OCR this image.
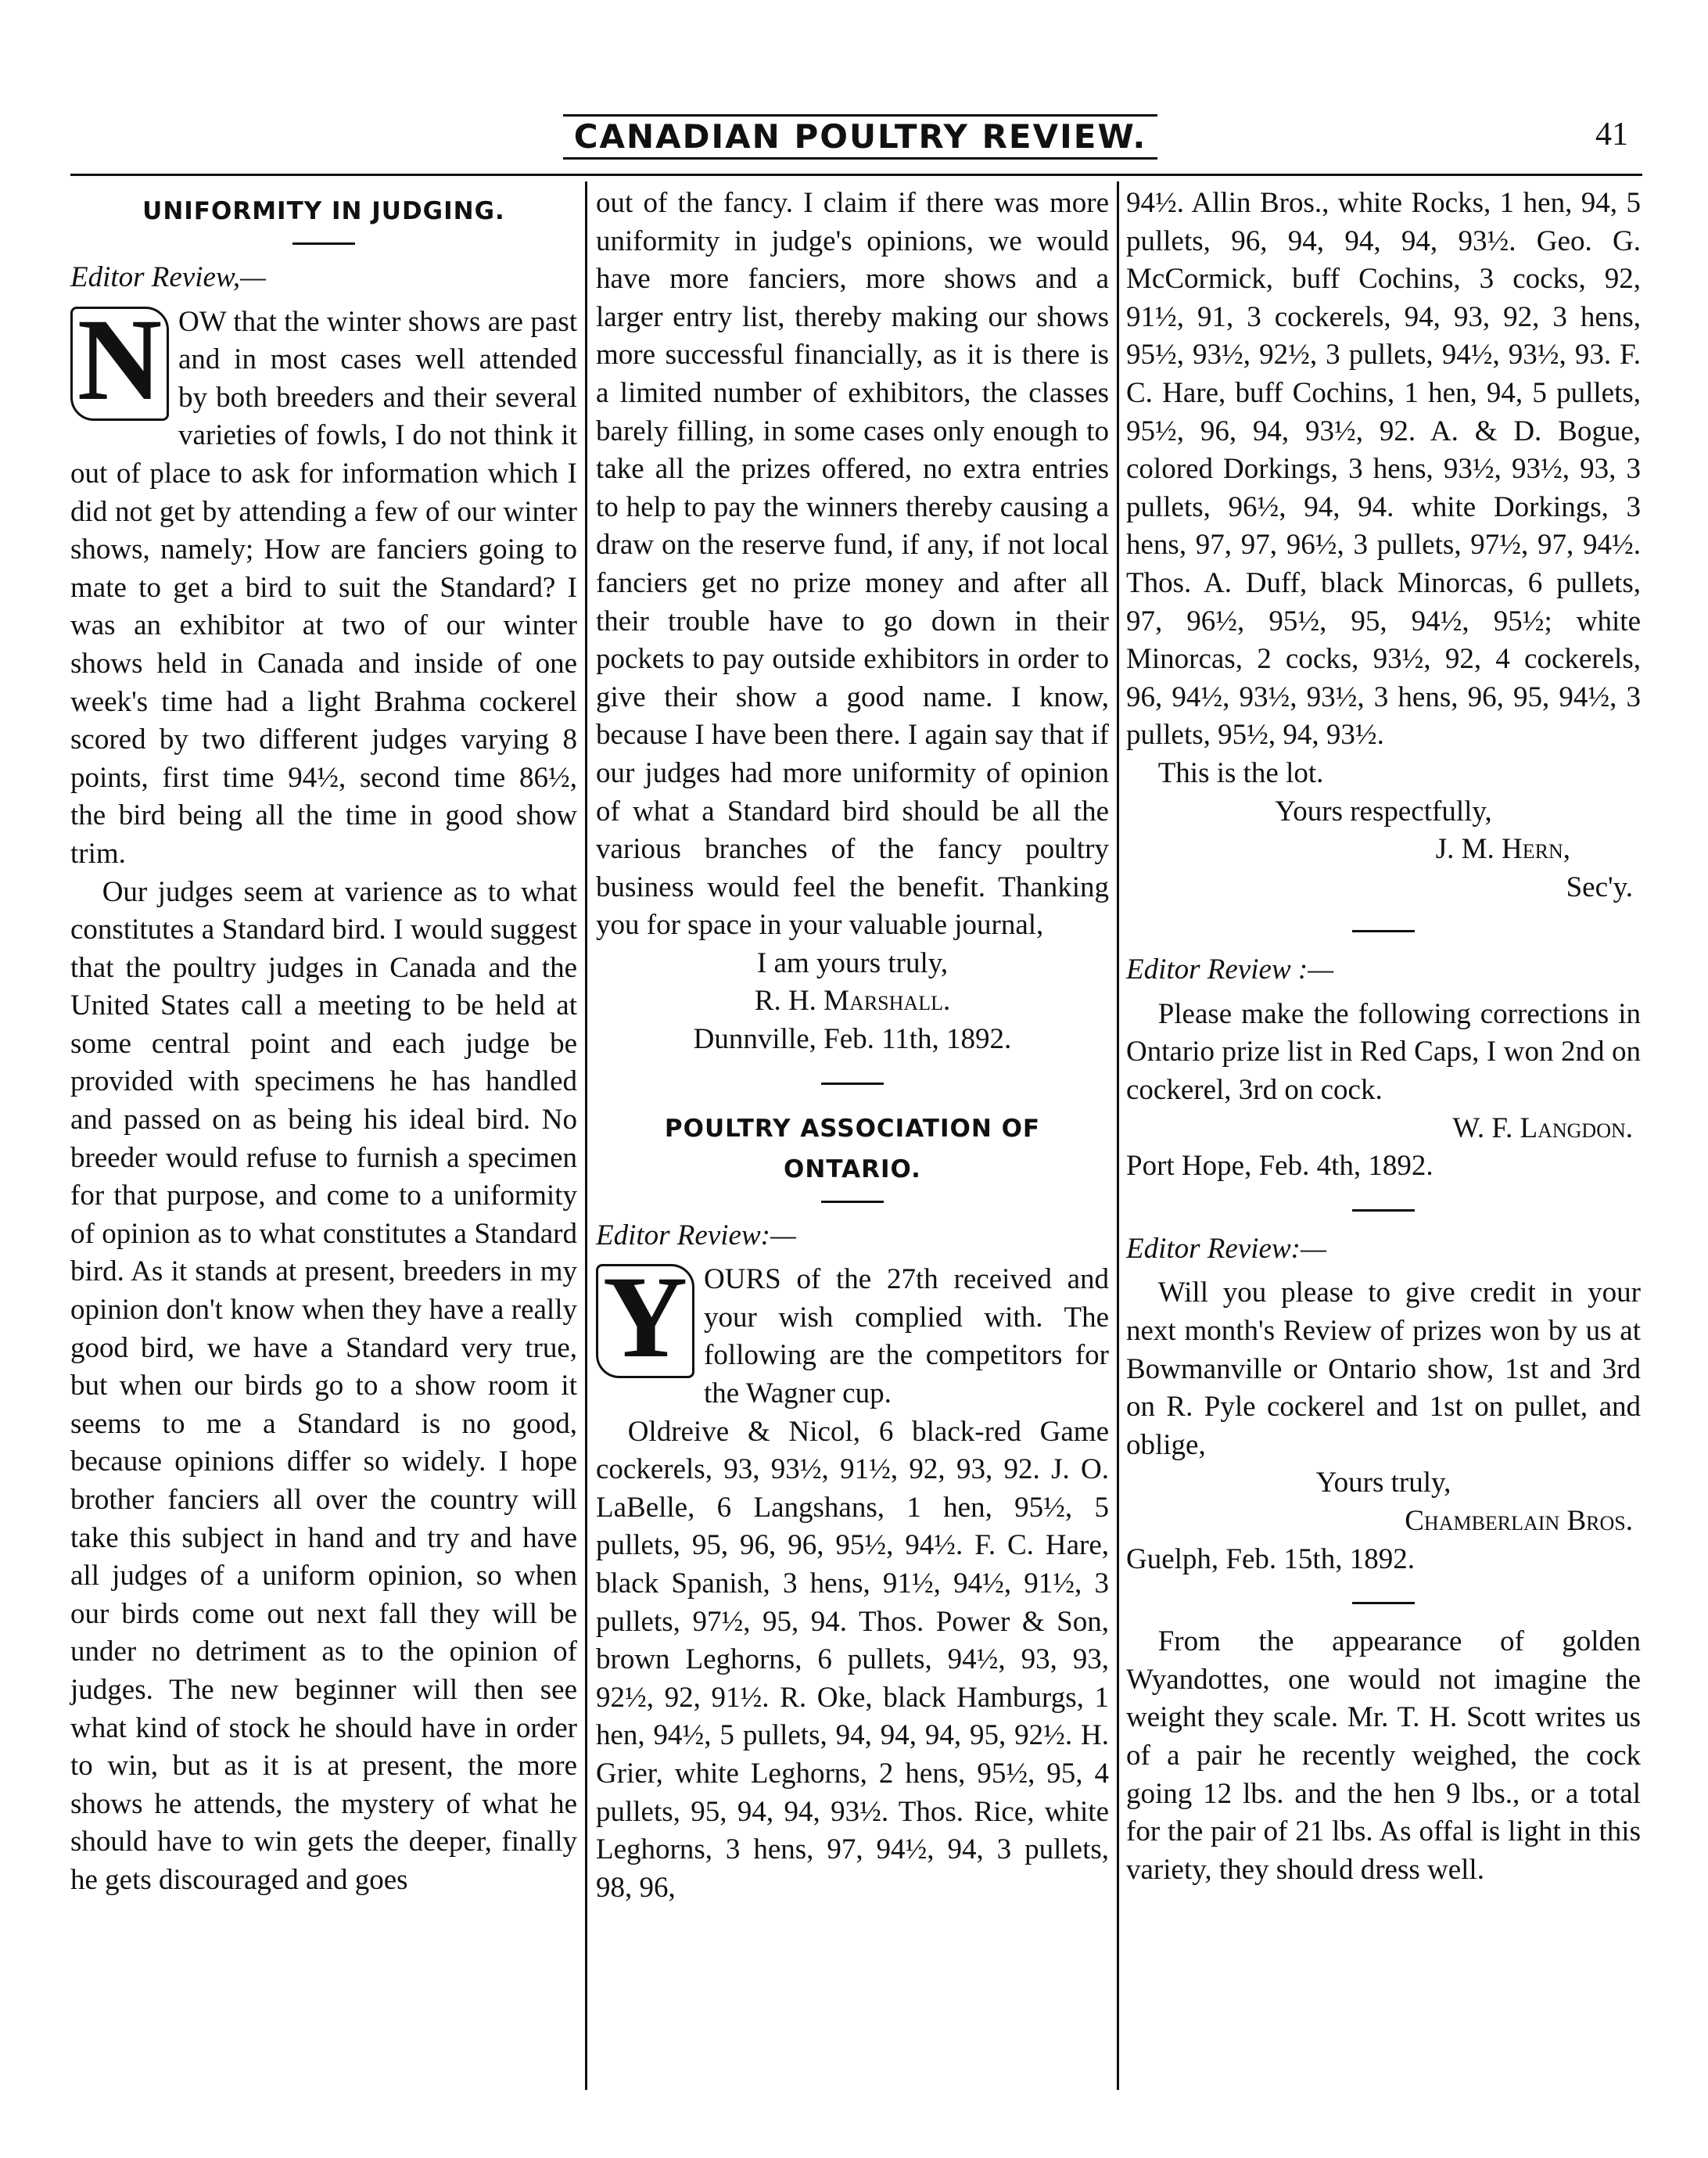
CANADIAN POULTRY REVIEW.	41
UNIFORMITY IN JUDGING.
Editor Review,—

N OW that the winter shows are past and in most cases well attended by both breeders and their several varieties of fowls, I do not think it out of place to ask for information which I did not get by attending a few of our winter shows, namely; How are fanciers going to mate to get a bird to suit the Standard? I was an exhibitor at two of our winter shows held in Canada and inside of one week's time had a light Brahma cockerel scored by two different judges varying 8 points, first time 94½, second time 86½, the bird being all the time in good show trim.

Our judges seem at varience as to what constitutes a Standard bird. I would suggest that the poultry judges in Canada and the United States call a meeting to be held at some central point and each judge be provided with specimens he has handled and passed on as being his ideal bird. No breeder would refuse to furnish a specimen for that purpose, and come to a uniformity of opinion as to what constitutes a Standard bird. As it stands at present, breeders in my opinion don't know when they have a really good bird, we have a Standard very true, but when our birds go to a show room it seems to me a Standard is no good, because opinions differ so widely. I hope brother fanciers all over the country will take this subject in hand and try and have all judges of a uniform opinion, so when our birds come out next fall they will be under no detriment as to the opinion of judges. The new beginner will then see what kind of stock he should have in order to win, but as it is at present, the more shows he attends, the mystery of what he should have to win gets the deeper, finally he gets discouraged and goes

out of the fancy. I claim if there was more uniformity in judge's opinions, we would have more fanciers, more shows and a larger entry list, thereby making our shows more successful financially, as it is there is a limited number of exhibitors, the classes barely filling, in some cases only enough to take all the prizes offered, no extra entries to help to pay the winners thereby causing a draw on the reserve fund, if any, if not local fanciers get no prize money and after all their trouble have to go down in their pockets to pay outside exhibitors in order to give their show a good name. I know, because I have been there. I again say that if our judges had more uniformity of opinion of what a Standard bird should be all the various branches of the fancy poultry business would feel the benefit. Thanking you for space in your valuable journal,

I am yours truly,
R. H. Marshall.
Dunnville, Feb. 11th, 1892.
POULTRY ASSOCIATION OF ONTARIO.
Editor Review:—

Y OURS of the 27th received and your wish complied with. The following are the competitors for the Wagner cup.

Oldreive & Nicol, 6 black-red Game cockerels, 93, 93½, 91½, 92, 93, 92. J. O. LaBelle, 6 Langshans, 1 hen, 95½, 5 pullets, 95, 96, 96, 95½, 94½. F. C. Hare, black Spanish, 3 hens, 91½, 94½, 91½, 3 pullets, 97½, 95, 94. Thos. Power & Son, brown Leghorns, 6 pullets, 94½, 93, 93, 92½, 92, 91½. R. Oke, black Hamburgs, 1 hen, 94½, 5 pullets, 94, 94, 94, 95, 92½. H. Grier, white Leghorns, 2 hens, 95½, 95, 4 pullets, 95, 94, 94, 93½. Thos. Rice, white Leghorns, 3 hens, 97, 94½, 94, 3 pullets, 98, 96,

94½. Allin Bros., white Rocks, 1 hen, 94, 5 pullets, 96, 94, 94, 94, 93½. Geo. G. McCormick, buff Cochins, 3 cocks, 92, 91½, 91, 3 cockerels, 94, 93, 92, 3 hens, 95½, 93½, 92½, 3 pullets, 94½, 93½, 93. F. C. Hare, buff Cochins, 1 hen, 94, 5 pullets, 95½, 96, 94, 93½, 92. A. & D. Bogue, colored Dorkings, 3 hens, 93½, 93½, 93, 3 pullets, 96½, 94, 94. white Dorkings, 3 hens, 97, 97, 96½, 3 pullets, 97½, 97, 94½. Thos. A. Duff, black Minorcas, 6 pullets, 97, 96½, 95½, 95, 94½, 95½; white Minorcas, 2 cocks, 93½, 92, 4 cockerels, 96, 94½, 93½, 93½, 3 hens, 96, 95, 94½, 3 pullets, 95½, 94, 93½.

This is the lot.

Yours respectfully,
J. M. Hern,
Sec'y.
Editor Review :—

Please make the following corrections in Ontario prize list in Red Caps, I won 2nd on cockerel, 3rd on cock.

W. F. Langdon.
Port Hope, Feb. 4th, 1892.
Editor Review:—

Will you please to give credit in your next month's Review of prizes won by us at Bowmanville or Ontario show, 1st and 3rd on R. Pyle cockerel and 1st on pullet, and oblige,

Yours truly,
Chamberlain Bros.
Guelph, Feb. 15th, 1892.

From the appearance of golden Wyandottes, one would not imagine the weight they scale. Mr. T. H. Scott writes us of a pair he recently weighed, the cock going 12 lbs. and the hen 9 lbs., or a total for the pair of 21 lbs. As offal is light in this variety, they should dress well.
